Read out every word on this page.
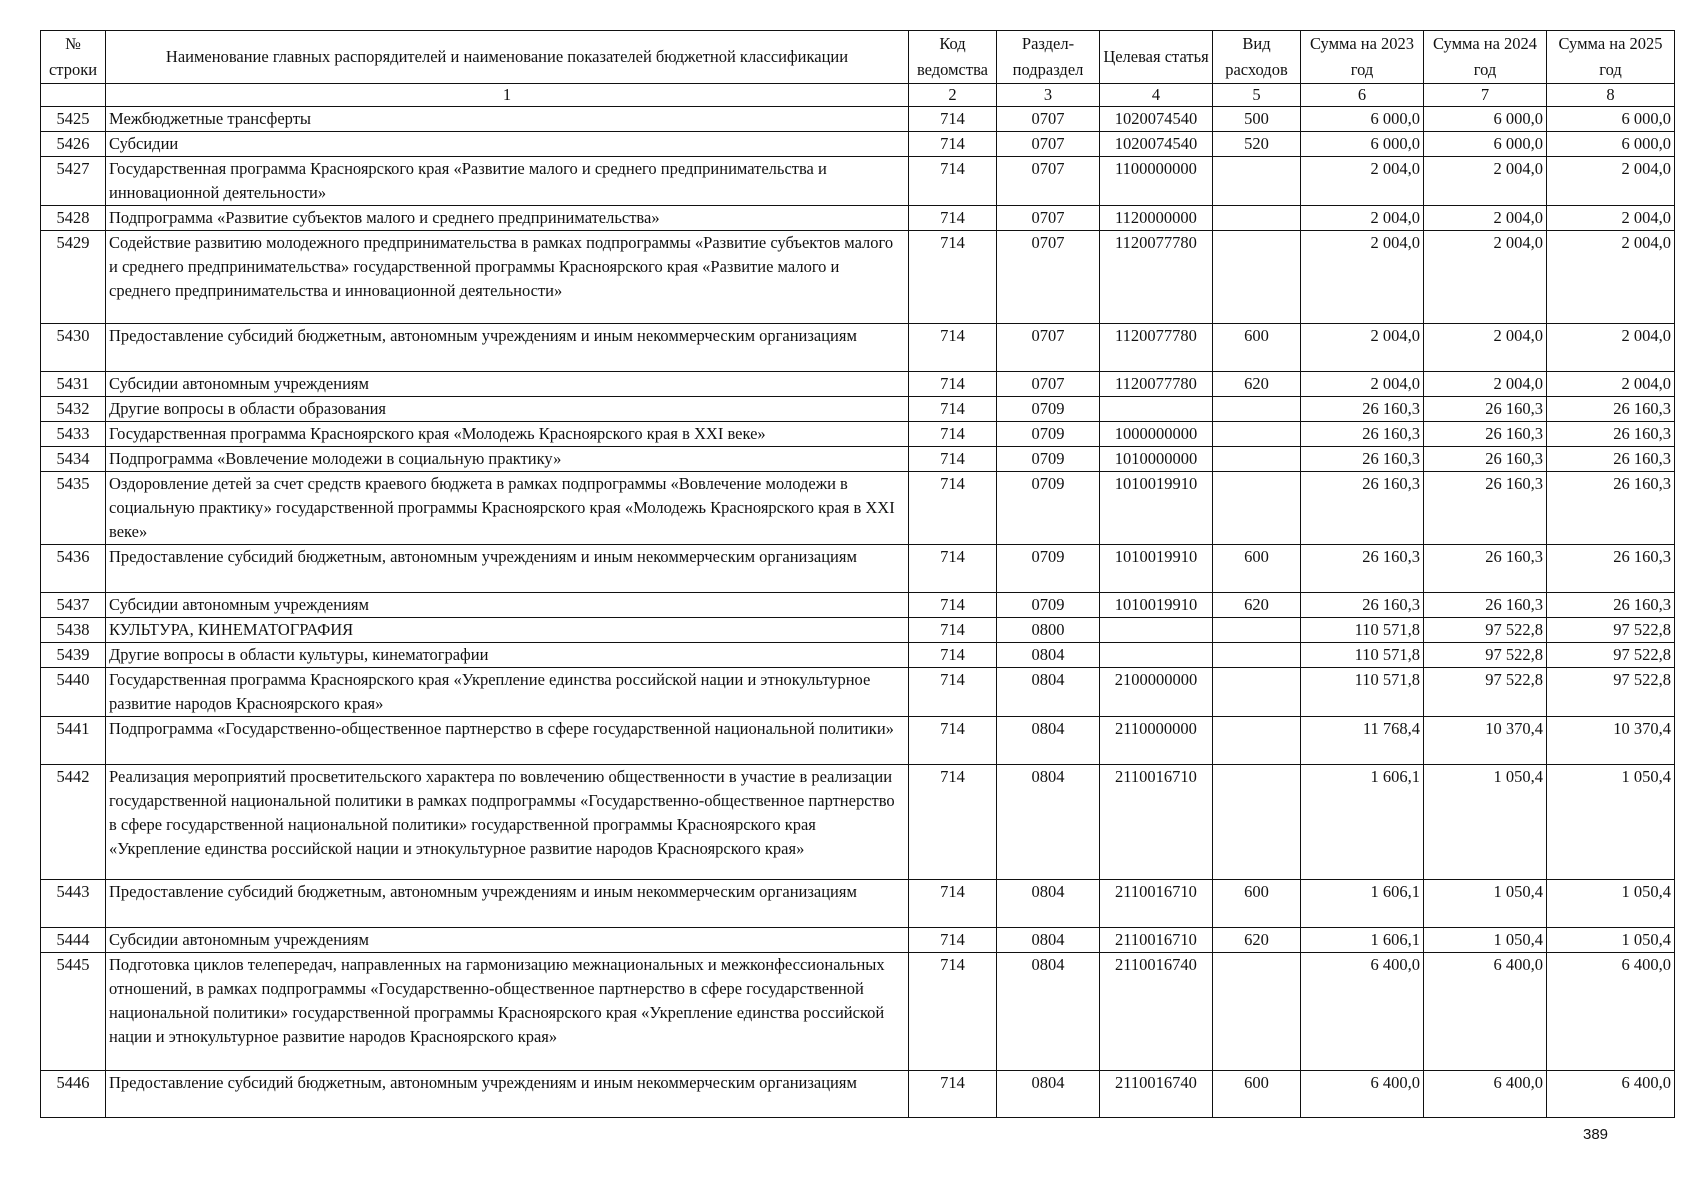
№ строки	Наименование главных распорядителей и наименование показателей бюджетной классификации	Код ведомства	Раздел-подраздел	Целевая статья	Вид расходов	Сумма на 2023 год	Сумма на 2024 год	Сумма на 2025 год
	1	2	3	4	5	6	7	8
5425	Межбюджетные трансферты	714	0707	1020074540	500	6 000,0	6 000,0	6 000,0
5426	Субсидии	714	0707	1020074540	520	6 000,0	6 000,0	6 000,0
5427	Государственная программа Красноярского края «Развитие малого и среднего предпринимательства и инновационной деятельности»	714	0707	1100000000		2 004,0	2 004,0	2 004,0
5428	Подпрограмма «Развитие субъектов малого и среднего предпринимательства»	714	0707	1120000000		2 004,0	2 004,0	2 004,0
5429	Содействие развитию молодежного предпринимательства в рамках подпрограммы «Развитие субъектов малого и среднего предпринимательства» государственной программы Красноярского края «Развитие малого и среднего предпринимательства и инновационной деятельности»	714	0707	1120077780		2 004,0	2 004,0	2 004,0
5430	Предоставление субсидий бюджетным, автономным учреждениям и иным некоммерческим организациям	714	0707	1120077780	600	2 004,0	2 004,0	2 004,0
5431	Субсидии автономным учреждениям	714	0707	1120077780	620	2 004,0	2 004,0	2 004,0
5432	Другие вопросы в области образования	714	0709			26 160,3	26 160,3	26 160,3
5433	Государственная программа Красноярского края «Молодежь Красноярского края в XXI веке»	714	0709	1000000000		26 160,3	26 160,3	26 160,3
5434	Подпрограмма «Вовлечение молодежи в социальную практику»	714	0709	1010000000		26 160,3	26 160,3	26 160,3
5435	Оздоровление детей за счет средств краевого бюджета в рамках подпрограммы «Вовлечение молодежи в социальную практику» государственной программы Красноярского края «Молодежь Красноярского края в XXI веке»	714	0709	1010019910		26 160,3	26 160,3	26 160,3
5436	Предоставление субсидий бюджетным, автономным учреждениям и иным некоммерческим организациям	714	0709	1010019910	600	26 160,3	26 160,3	26 160,3
5437	Субсидии автономным учреждениям	714	0709	1010019910	620	26 160,3	26 160,3	26 160,3
5438	КУЛЬТУРА, КИНЕМАТОГРАФИЯ	714	0800			110 571,8	97 522,8	97 522,8
5439	Другие вопросы в области культуры, кинематографии	714	0804			110 571,8	97 522,8	97 522,8
5440	Государственная программа Красноярского края «Укрепление единства российской нации и этнокультурное развитие народов Красноярского края»	714	0804	2100000000		110 571,8	97 522,8	97 522,8
5441	Подпрограмма «Государственно-общественное партнерство в сфере государственной национальной политики»	714	0804	2110000000		11 768,4	10 370,4	10 370,4
5442	Реализация мероприятий просветительского характера по вовлечению общественности в участие в реализации государственной национальной политики в рамках подпрограммы «Государственно-общественное партнерство в сфере государственной национальной политики» государственной программы Красноярского края «Укрепление единства российской нации и этнокультурное развитие народов Красноярского края»	714	0804	2110016710		1 606,1	1 050,4	1 050,4
5443	Предоставление субсидий бюджетным, автономным учреждениям и иным некоммерческим организациям	714	0804	2110016710	600	1 606,1	1 050,4	1 050,4
5444	Субсидии автономным учреждениям	714	0804	2110016710	620	1 606,1	1 050,4	1 050,4
5445	Подготовка циклов телепередач, направленных на гармонизацию межнациональных и межконфессиональных отношений, в рамках подпрограммы «Государственно-общественное партнерство в сфере государственной национальной политики» государственной программы Красноярского края «Укрепление единства российской нации и этнокультурное развитие народов Красноярского края»	714	0804	2110016740		6 400,0	6 400,0	6 400,0
5446	Предоставление субсидий бюджетным, автономным учреждениям и иным некоммерческим организациям	714	0804	2110016740	600	6 400,0	6 400,0	6 400,0
389
